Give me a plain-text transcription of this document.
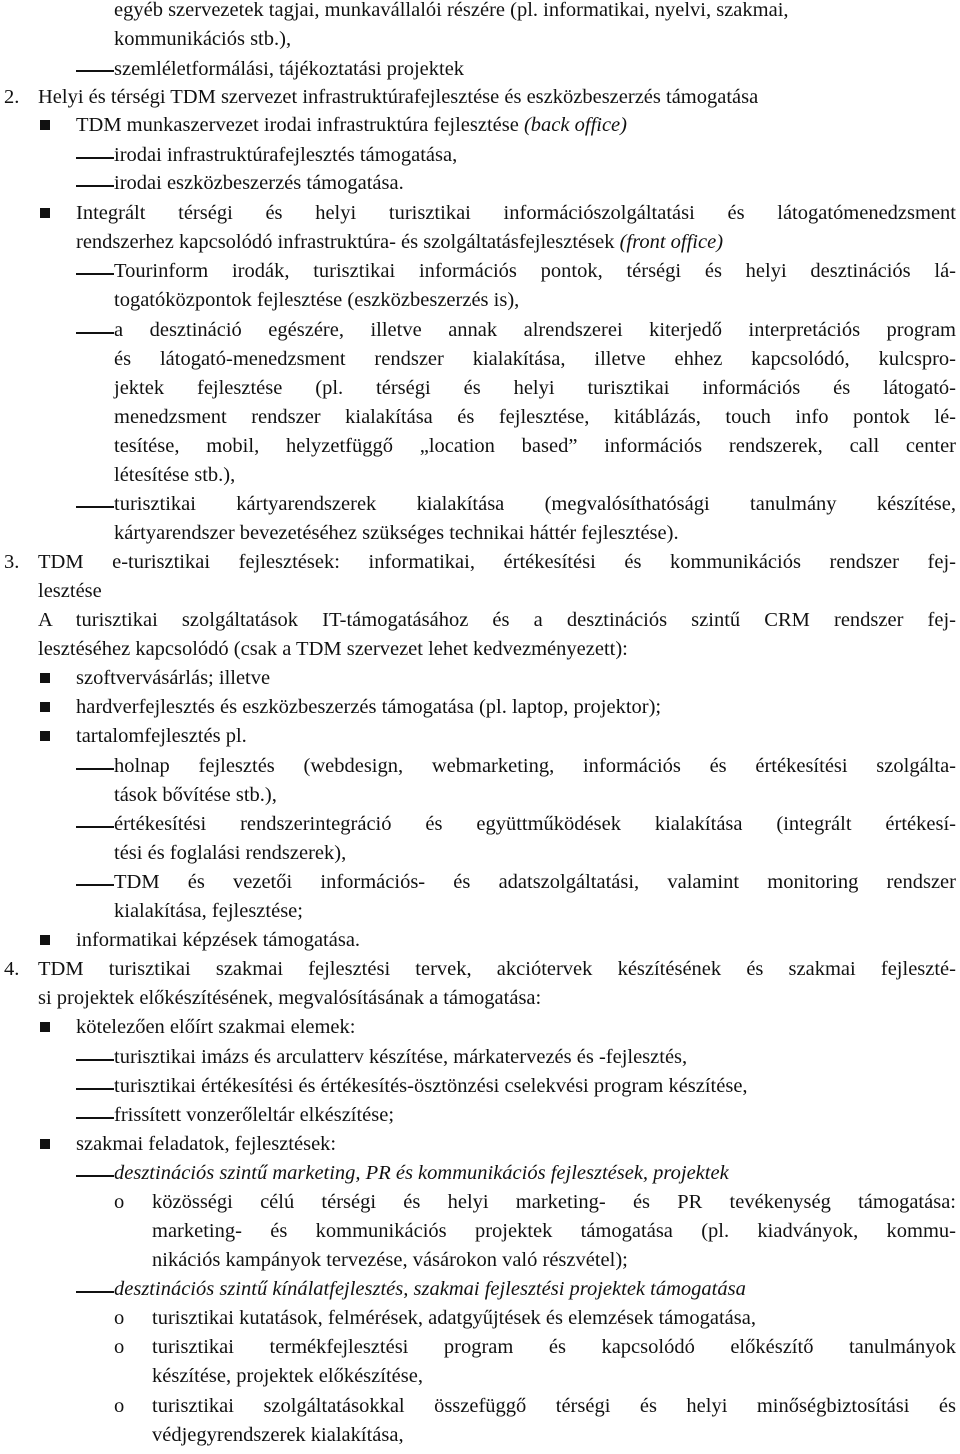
egyéb szervezetek tagjai, munkavállalói részére (pl. informatikai, nyelvi, szakmai,
kommunikációs stb.),
szemléletformálási, tájékoztatási projektek
2. Helyi és térségi TDM szervezet infrastruktúrafejlesztése és eszközbeszerzés támogatása
TDM munkaszervezet irodai infrastruktúra fejlesztése (back office)
irodai infrastruktúrafejlesztés támogatása,
irodai eszközbeszerzés támogatása.
Integrált térségi és helyi turisztikai információszolgáltatási és látogatómenedzsment
rendszerhez kapcsolódó infrastruktúra- és szolgáltatásfejlesztések (front office)
Tourinform irodák, turisztikai információs pontok, térségi és helyi desztinációs lá-
togatóközpontok fejlesztése (eszközbeszerzés is),
a desztináció egészére, illetve annak alrendszerei kiterjedő interpretációs program
és látogató-menedzsment rendszer kialakítása, illetve ehhez kapcsolódó, kulcspro-
jektek fejlesztése (pl. térségi és helyi turisztikai információs és látogató-
menedzsment rendszer kialakítása és fejlesztése, kitáblázás, touch info pontok lé-
tesítése, mobil, helyzetfüggő „location based” információs rendszerek, call center
létesítése stb.),
turisztikai kártyarendszerek kialakítása (megvalósíthatósági tanulmány készítése,
kártyarendszer bevezetéséhez szükséges technikai háttér fejlesztése).
3. TDM e-turisztikai fejlesztések: informatikai, értékesítési és kommunikációs rendszer fej-
lesztése
A turisztikai szolgáltatások IT-támogatásához és a desztinációs szintű CRM rendszer fej-
lesztéséhez kapcsolódó (csak a TDM szervezet lehet kedvezményezett):
szoftvervásárlás; illetve
hardverfejlesztés és eszközbeszerzés támogatása (pl. laptop, projektor);
tartalomfejlesztés pl.
holnap fejlesztés (webdesign, webmarketing, információs és értékesítési szolgálta-
tások bővítése stb.),
értékesítési rendszerintegráció és együttműködések kialakítása (integrált értékesí-
tési és foglalási rendszerek),
TDM és vezetői információs- és adatszolgáltatási, valamint monitoring rendszer
kialakítása, fejlesztése;
informatikai képzések támogatása.
4. TDM turisztikai szakmai fejlesztési tervek, akciótervek készítésének és szakmai fejleszté-
si projektek előkészítésének, megvalósításának a támogatása:
kötelezően előírt szakmai elemek:
turisztikai imázs és arculatterv készítése, márkatervezés és -fejlesztés,
turisztikai értékesítési és értékesítés-ösztönzési cselekvési program készítése,
frissített vonzerőleltár elkészítése;
szakmai feladatok, fejlesztések:
desztinációs szintű marketing, PR és kommunikációs fejlesztések, projektek
o közösségi célú térségi és helyi marketing- és PR tevékenység támogatása:
marketing- és kommunikációs projektek támogatása (pl. kiadványok, kommu-
nikációs kampányok tervezése, vásárokon való részvétel);
desztinációs szintű kínálatfejlesztés, szakmai fejlesztési projektek támogatása
o turisztikai kutatások, felmérések, adatgyűjtések és elemzések támogatása,
o turisztikai termékfejlesztési program és kapcsolódó előkészítő tanulmányok
készítése, projektek előkészítése,
o turisztikai szolgáltatásokkal összefüggő térségi és helyi minőségbiztosítási és
védjegyrendszerek kialakítása,
